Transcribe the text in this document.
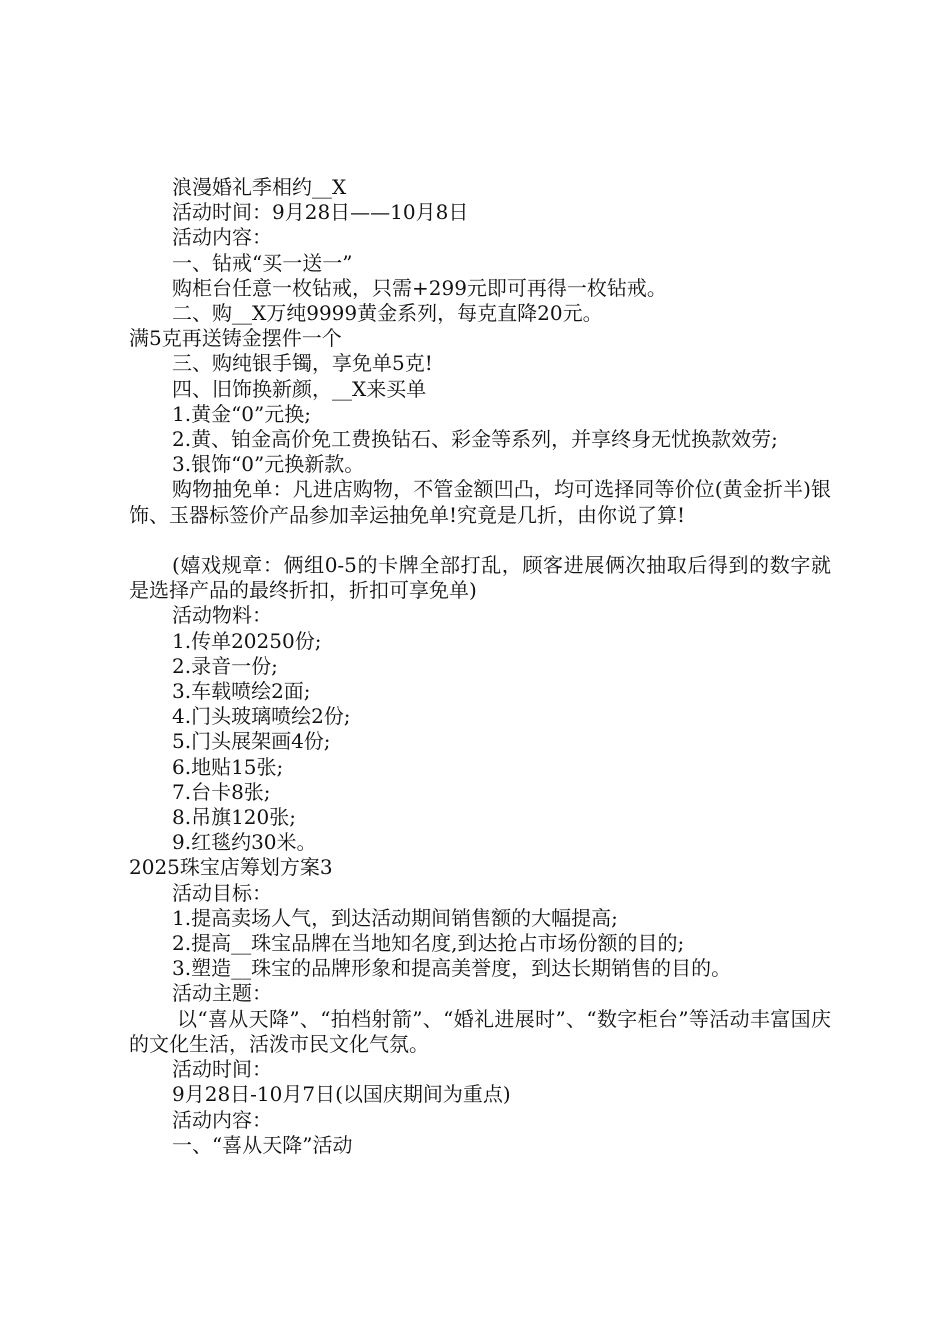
浪漫婚礼季相约__X
活动时间：9月28日——10月8日
活动内容：
一、钻戒“买一送一”
购柜台任意一枚钻戒，只需+299元即可再得一枚钻戒。
二、购__X万纯9999黄金系列，每克直降20元。
满5克再送铸金摆件一个
三、购纯银手镯，享免单5克!
四、旧饰换新颜，__X来买单
1.黄金“0”元换;
2.黄、铂金高价免工费换钻石、彩金等系列，并享终身无忧换款效劳;
3.银饰“0”元换新款。
购物抽免单：凡进店购物，不管金额凹凸，均可选择同等价位(黄金折半)银饰、玉器标签价产品参加幸运抽免单!究竟是几折，由你说了算!
(嬉戏规章：俩组0-5的卡牌全部打乱，顾客进展俩次抽取后得到的数字就是选择产品的最终折扣，折扣可享免单)
活动物料：
1.传单20250份;
2.录音一份;
3.车载喷绘2面;
4.门头玻璃喷绘2份;
5.门头展架画4份;
6.地贴15张;
7.台卡8张;
8.吊旗120张;
9.红毯约30米。
2025珠宝店筹划方案3
活动目标：
1.提高卖场人气，到达活动期间销售额的大幅提高;
2.提高__珠宝品牌在当地知名度,到达抢占市场份额的目的;
3.塑造__珠宝的品牌形象和提高美誉度，到达长期销售的目的。
活动主题：
以“喜从天降”、“拍档射箭”、“婚礼进展时”、“数字柜台”等活动丰富国庆的文化生活，活泼市民文化气氛。
活动时间：
9月28日-10月7日(以国庆期间为重点)
活动内容：
一、“喜从天降”活动
